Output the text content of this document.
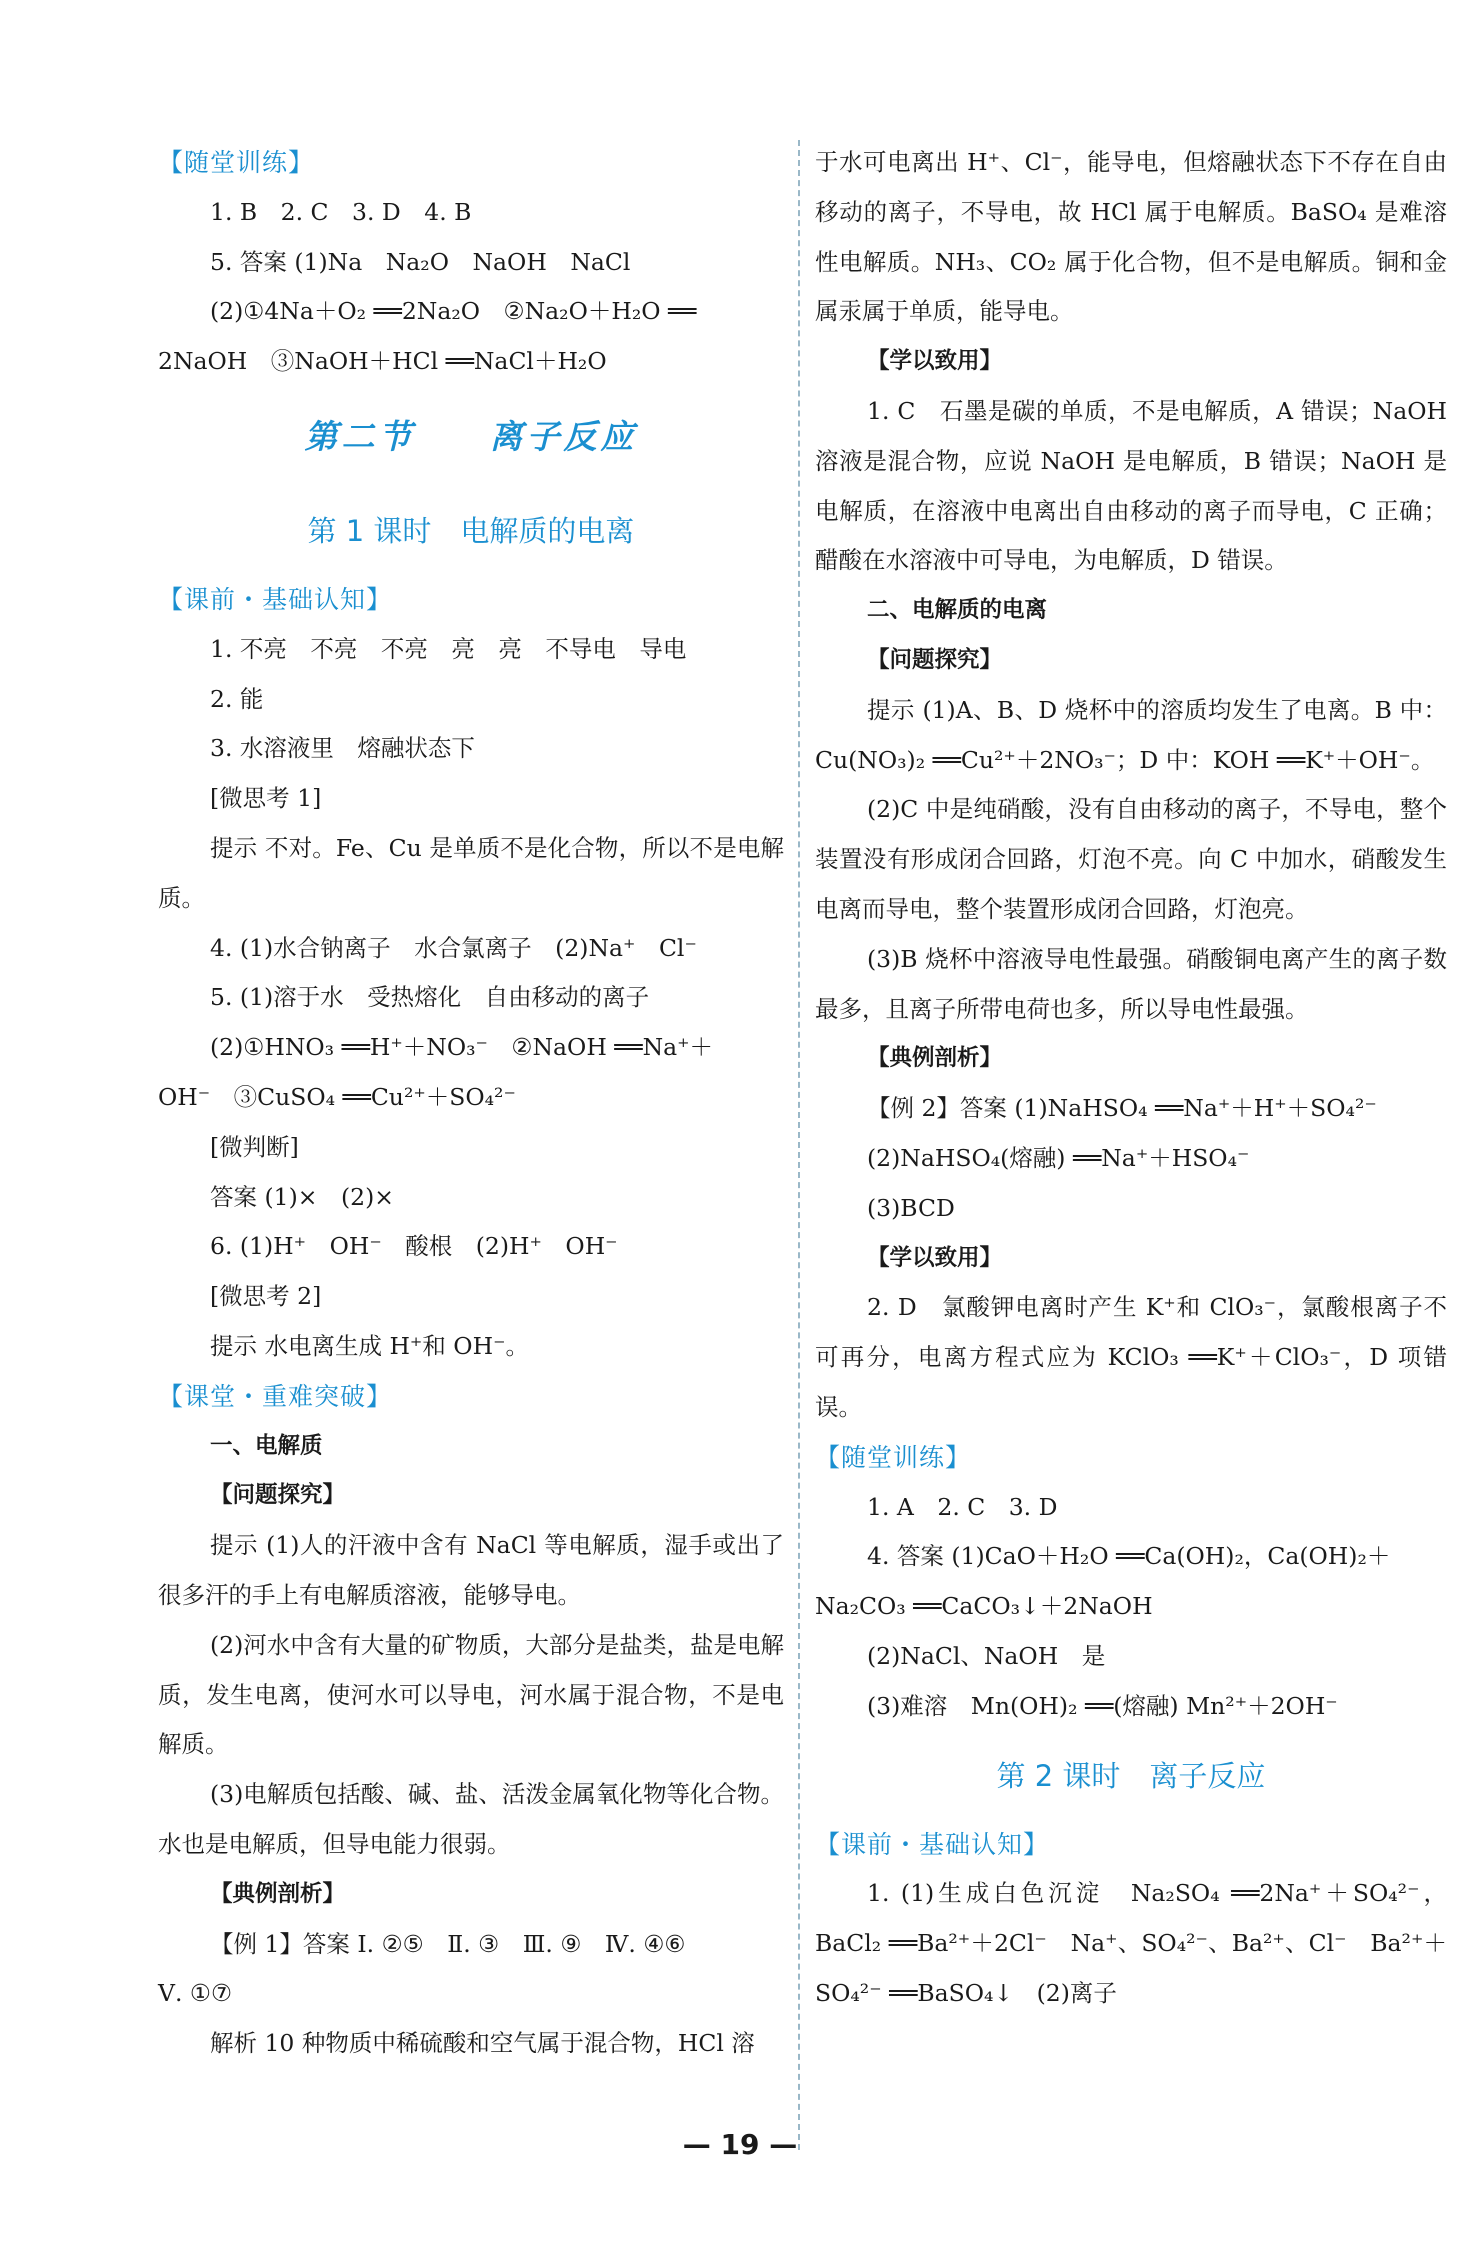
【随堂训练】

1. B　2. C　3. D　4. B

5. 答案 (1)Na　Na₂O　NaOH　NaCl

(2)①4Na＋O₂ ══2Na₂O　②Na₂O＋H₂O ══

2NaOH　③NaOH＋HCl ══NaCl＋H₂O

第二节　　离子反应

第 1 课时　电解质的电离

【课前・基础认知】

1. 不亮　不亮　不亮　亮　亮　不导电　导电

2. 能

3. 水溶液里　熔融状态下

[微思考 1]

提示 不对。Fe、Cu 是单质不是化合物，所以不是电解质。

4. (1)水合钠离子　水合氯离子　(2)Na⁺　Cl⁻

5. (1)溶于水　受热熔化　自由移动的离子

(2)①HNO₃ ══H⁺＋NO₃⁻　②NaOH ══Na⁺＋

OH⁻　③CuSO₄ ══Cu²⁺＋SO₄²⁻

[微判断]

答案 (1)×　(2)×

6. (1)H⁺　OH⁻　酸根　(2)H⁺　OH⁻

[微思考 2]

提示 水电离生成 H⁺和 OH⁻。

【课堂・重难突破】

一、电解质

【问题探究】

提示 (1)人的汗液中含有 NaCl 等电解质，湿手或出了很多汗的手上有电解质溶液，能够导电。

(2)河水中含有大量的矿物质，大部分是盐类，盐是电解质，发生电离，使河水可以导电，河水属于混合物，不是电解质。

(3)电解质包括酸、碱、盐、活泼金属氧化物等化合物。水也是电解质，但导电能力很弱。

【典例剖析】

【例 1】答案 Ⅰ. ②⑤　Ⅱ. ③　Ⅲ. ⑨　Ⅳ. ④⑥

Ⅴ. ①⑦

解析 10 种物质中稀硫酸和空气属于混合物，HCl 溶

于水可电离出 H⁺、Cl⁻，能导电，但熔融状态下不存在自由移动的离子，不导电，故 HCl 属于电解质。BaSO₄ 是难溶性电解质。NH₃、CO₂ 属于化合物，但不是电解质。铜和金属汞属于单质，能导电。

【学以致用】

1. C　石墨是碳的单质，不是电解质，A 错误；NaOH 溶液是混合物，应说 NaOH 是电解质，B 错误；NaOH 是电解质，在溶液中电离出自由移动的离子而导电，C 正确；醋酸在水溶液中可导电，为电解质，D 错误。

二、电解质的电离

【问题探究】

提示 (1)A、B、D 烧杯中的溶质均发生了电离。B 中：Cu(NO₃)₂ ══Cu²⁺＋2NO₃⁻；D 中：KOH ══K⁺＋OH⁻。

(2)C 中是纯硝酸，没有自由移动的离子，不导电，整个装置没有形成闭合回路，灯泡不亮。向 C 中加水，硝酸发生电离而导电，整个装置形成闭合回路，灯泡亮。

(3)B 烧杯中溶液导电性最强。硝酸铜电离产生的离子数最多，且离子所带电荷也多，所以导电性最强。

【典例剖析】

【例 2】答案 (1)NaHSO₄ ══Na⁺＋H⁺＋SO₄²⁻

(2)NaHSO₄(熔融) ══Na⁺＋HSO₄⁻

(3)BCD

【学以致用】

2. D　氯酸钾电离时产生 K⁺和 ClO₃⁻，氯酸根离子不可再分，电离方程式应为 KClO₃ ══K⁺＋ClO₃⁻，D 项错误。

【随堂训练】

1. A　2. C　3. D

4. 答案 (1)CaO＋H₂O ══Ca(OH)₂，Ca(OH)₂＋

Na₂CO₃ ══CaCO₃↓＋2NaOH

(2)NaCl、NaOH　是

(3)难溶　Mn(OH)₂ ══(熔融) Mn²⁺＋2OH⁻

第 2 课时　离子反应

【课前・基础认知】

1. (1)生成白色沉淀　Na₂SO₄ ══2Na⁺＋SO₄²⁻，BaCl₂ ══Ba²⁺＋2Cl⁻　Na⁺、SO₄²⁻、Ba²⁺、Cl⁻　Ba²⁺＋SO₄²⁻ ══BaSO₄↓　(2)离子

— 19 —
